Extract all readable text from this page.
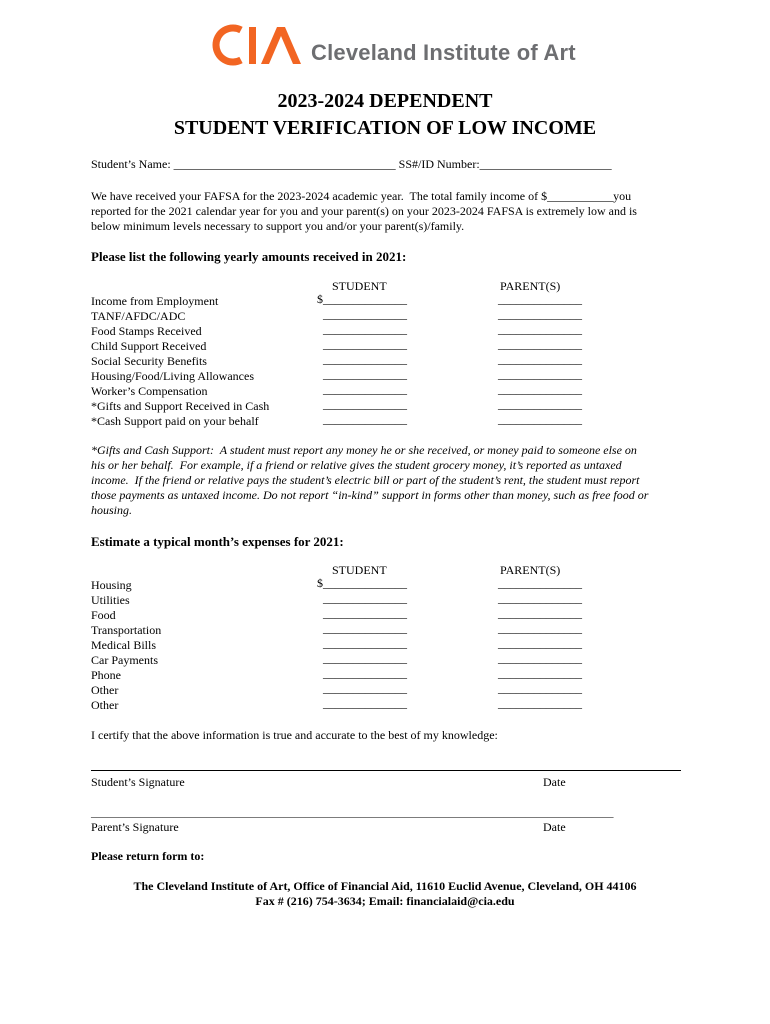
Cleveland Institute of Art
2023-2024 DEPENDENT
STUDENT VERIFICATION OF LOW INCOME
Student’s Name: _____________________________________ SS#/ID Number:______________________
We have received your FAFSA for the 2023-2024 academic year.  The total family income of $___________you
reported for the 2021 calendar year for you and your parent(s) on your 2023-2024 FAFSA is extremely low and is
below minimum levels necessary to support you and/or your parent(s)/family.
Please list the following yearly amounts received in 2021:
STUDENT	PARENT(S)
Income from Employment	$______________	______________
TANF/AFDC/ADC	______________	______________
Food Stamps Received	______________	______________
Child Support Received	______________	______________
Social Security Benefits	______________	______________
Housing/Food/Living Allowances	______________	______________
Worker’s Compensation	______________	______________
*Gifts and Support Received in Cash	______________	______________
*Cash Support paid on your behalf	______________	______________
*Gifts and Cash Support:  A student must report any money he or she received, or money paid to someone else on
his or her behalf.  For example, if a friend or relative gives the student grocery money, it’s reported as untaxed
income.  If the friend or relative pays the student’s electric bill or part of the student’s rent, the student must report
those payments as untaxed income. Do not report “in-kind” support in forms other than money, such as free food or
housing.
Estimate a typical month’s expenses for 2021:
STUDENT	PARENT(S)
Housing	$______________	______________
Utilities	______________	______________
Food	______________	______________
Transportation	______________	______________
Medical Bills	______________	______________
Car Payments	______________	______________
Phone	______________	______________
Other	______________	______________
Other	______________	______________
I certify that the above information is true and accurate to the best of my knowledge:
Student’s Signature	Date
_______________________________________________________________________________________________
Parent’s Signature	Date
Please return form to:
The Cleveland Institute of Art, Office of Financial Aid, 11610 Euclid Avenue, Cleveland, OH 44106
Fax # (216) 754-3634; Email: financialaid@cia.edu
